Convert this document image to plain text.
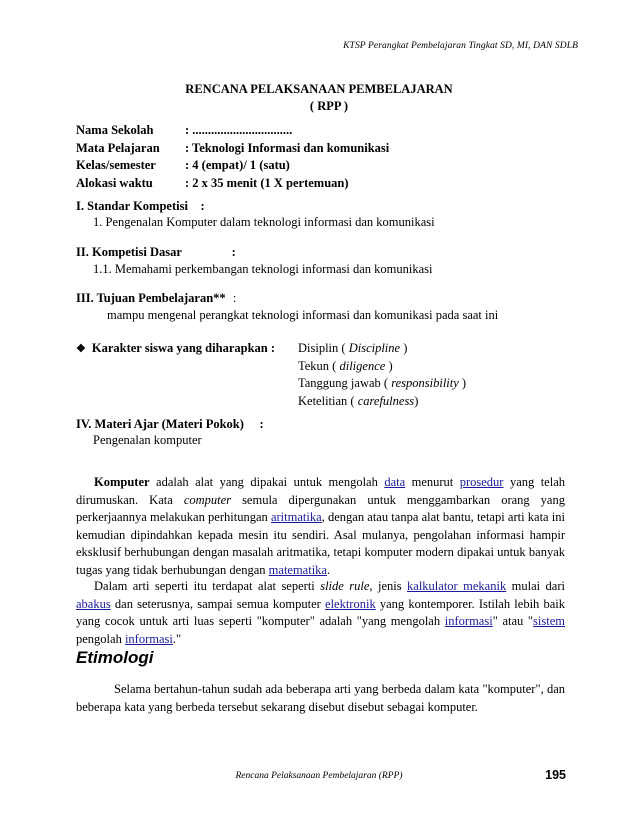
KTSP Perangkat Pembelajaran Tingkat SD, MI, DAN SDLB
RENCANA PELAKSANAAN PEMBELAJARAN
( RPP )
Nama Sekolah	: ................................
Mata Pelajaran : Teknologi Informasi dan komunikasi
Kelas/semester : 4 (empat)/ 1 (satu)
Alokasi waktu	: 2 x 35 menit (1 X pertemuan)
I. Standar Kompetisi    :
1. Pengenalan Komputer dalam teknologi informasi dan komunikasi
II. Kompetisi Dasar                :
1.1. Memahami perkembangan teknologi informasi dan komunikasi
III. Tujuan Pembelajaran** :
mampu mengenal perangkat teknologi informasi dan komunikasi pada saat ini
❖ Karakter siswa yang diharapkan : Disiplin ( Discipline )
Tekun ( diligence )
Tanggung jawab ( responsibility )
Ketelitian ( carefulness)
IV. Materi Ajar (Materi Pokok)     :
Pengenalan komputer

Komputer adalah alat yang dipakai untuk mengolah data menurut prosedur yang telah dirumuskan. Kata computer semula dipergunakan untuk menggambarkan orang yang perkerjaannya melakukan perhitungan aritmatika, dengan atau tanpa alat bantu, tetapi arti kata ini kemudian dipindahkan kepada mesin itu sendiri. Asal mulanya, pengolahan informasi hampir eksklusif berhubungan dengan masalah aritmatika, tetapi komputer modern dipakai untuk banyak tugas yang tidak berhubungan dengan matematika.

Dalam arti seperti itu terdapat alat seperti slide rule, jenis kalkulator mekanik mulai dari abakus dan seterusnya, sampai semua komputer elektronik yang kontemporer. Istilah lebih baik yang cocok untuk arti luas seperti "komputer" adalah "yang mengolah informasi" atau "sistem pengolah informasi."

Etimologi

Selama bertahun-tahun sudah ada beberapa arti yang berbeda dalam kata "komputer", dan beberapa kata yang berbeda tersebut sekarang disebut disebut sebagai komputer.

Rencana Pelaksanaan Pembelajaran (RPP)	195
